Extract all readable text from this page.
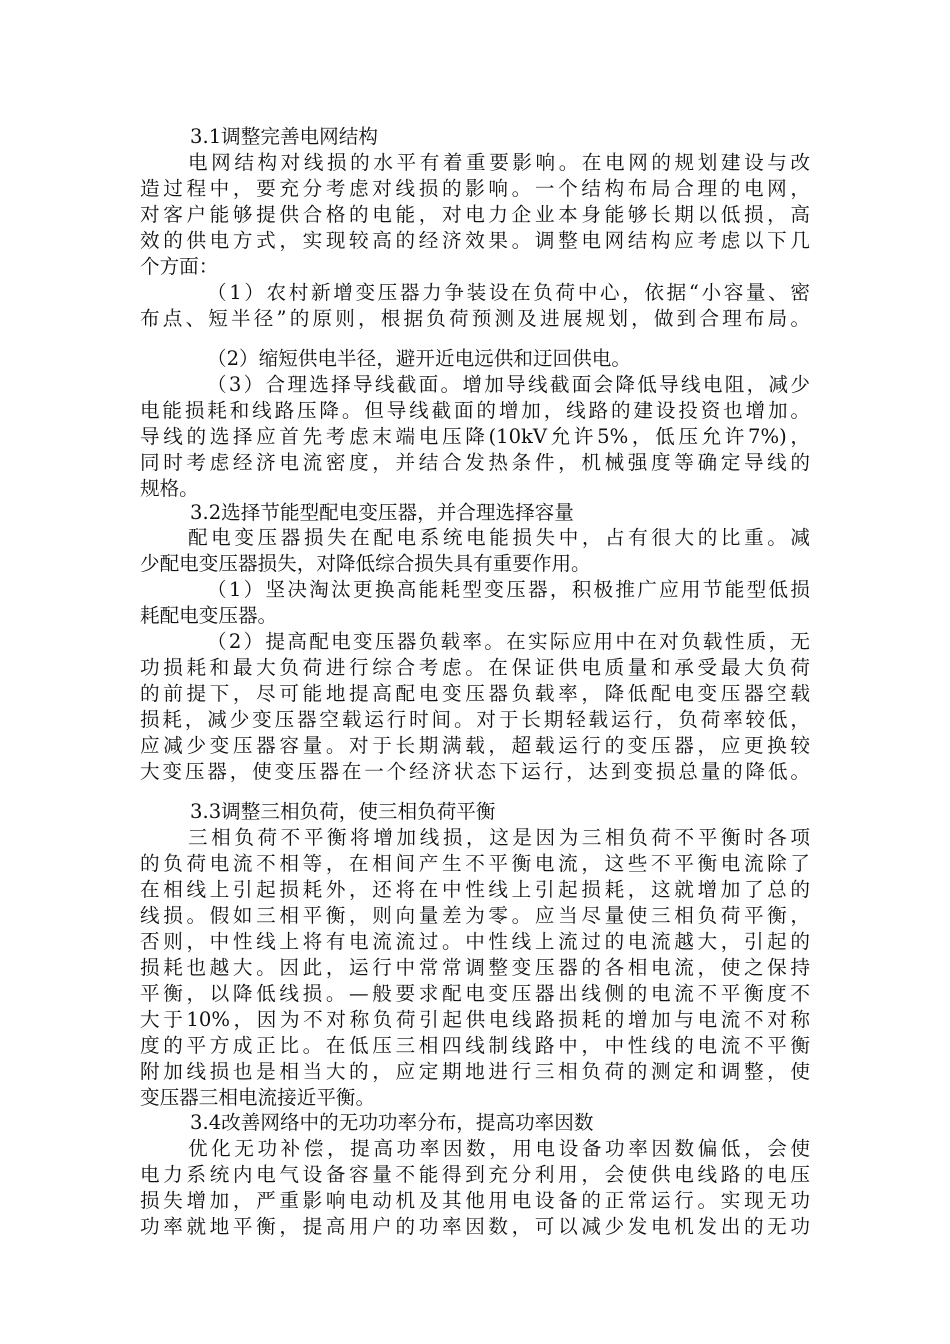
3.1调整完善电网结构
电网结构对线损的水平有着重要影响。在电网的规划建设与改
造过程中，要充分考虑对线损的影响。一个结构布局合理的电网，
对客户能够提供合格的电能，对电力企业本身能够长期以低损，高
效的供电方式，实现较高的经济效果。调整电网结构应考虑以下几
个方面：
（1）农村新增变压器力争装设在负荷中心，依据“小容量、密
布点、短半径”的原则，根据负荷预测及进展规划，做到合理布局。
（2）缩短供电半径，避开近电远供和迂回供电。
（3）合理选择导线截面。增加导线截面会降低导线电阻，减少
电能损耗和线路压降。但导线截面的增加，线路的建设投资也增加。
导线的选择应首先考虑末端电压降(10kV允许5%，低压允许7%)，
同时考虑经济电流密度，并结合发热条件，机械强度等确定导线的
规格。
3.2选择节能型配电变压器，并合理选择容量
配电变压器损失在配电系统电能损失中，占有很大的比重。减
少配电变压器损失，对降低综合损失具有重要作用。
（1）坚决淘汰更换高能耗型变压器，积极推广应用节能型低损
耗配电变压器。
（2）提高配电变压器负载率。在实际应用中在对负载性质，无
功损耗和最大负荷进行综合考虑。在保证供电质量和承受最大负荷
的前提下，尽可能地提高配电变压器负载率，降低配电变压器空载
损耗，减少变压器空载运行时间。对于长期轻载运行，负荷率较低，
应减少变压器容量。对于长期满载，超载运行的变压器，应更换较
大变压器，使变压器在一个经济状态下运行，达到变损总量的降低。
3.3调整三相负荷，使三相负荷平衡
三相负荷不平衡将增加线损，这是因为三相负荷不平衡时各项
的负荷电流不相等，在相间产生不平衡电流，这些不平衡电流除了
在相线上引起损耗外，还将在中性线上引起损耗，这就增加了总的
线损。假如三相平衡，则向量差为零。应当尽量使三相负荷平衡，
否则，中性线上将有电流流过。中性线上流过的电流越大，引起的
损耗也越大。因此，运行中常常调整变压器的各相电流，使之保持
平衡，以降低线损。—般要求配电变压器出线侧的电流不平衡度不
大于10%，因为不对称负荷引起供电线路损耗的增加与电流不对称
度的平方成正比。在低压三相四线制线路中，中性线的电流不平衡
附加线损也是相当大的，应定期地进行三相负荷的测定和调整，使
变压器三相电流接近平衡。
3.4改善网络中的无功功率分布，提高功率因数
优化无功补偿，提高功率因数，用电设备功率因数偏低，会使
电力系统内电气设备容量不能得到充分利用，会使供电线路的电压
损失增加，严重影响电动机及其他用电设备的正常运行。实现无功
功率就地平衡，提高用户的功率因数，可以减少发电机发出的无功
